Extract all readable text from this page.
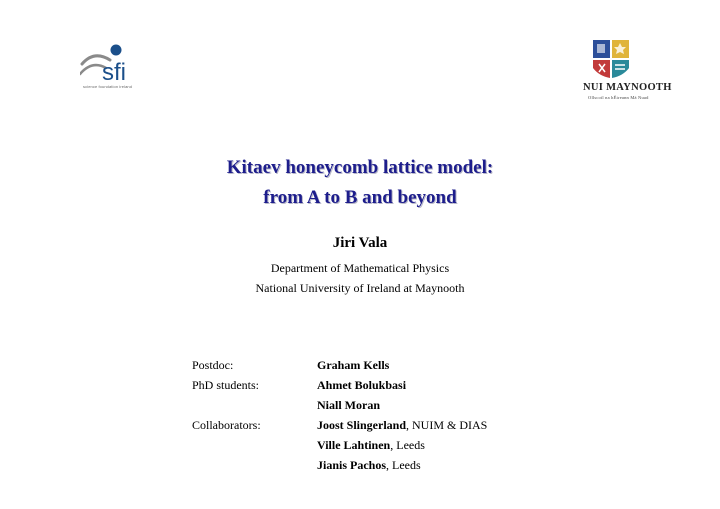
sfi
science foundation ireland	NUI MAYNOOTH
Ollscoil na hÉireann Má Nuad
Kitaev honeycomb lattice model:
from A to B and beyond
Jiri Vala
Department of Mathematical Physics
National University of Ireland at Maynooth
Postdoc:	Graham Kells
PhD students:	Ahmet Bolukbasi
Niall Moran
Collaborators:	Joost Slingerland, NUIM & DIAS
Ville Lahtinen, Leeds
Jianis Pachos, Leeds
